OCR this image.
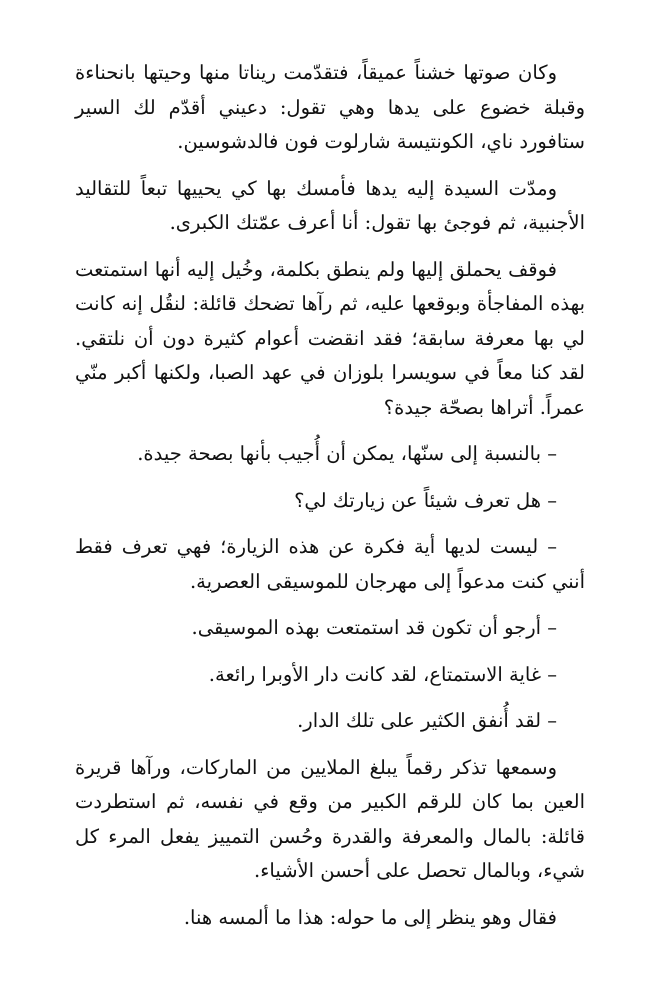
وكان صوتها خشناً عميقاً، فتقدّمت ريناتا منها وحيتها بانحناءة وقبلة خضوع على يدها وهي تقول: دعيني أقدّم لك السير ستافورد ناي، الكونتيسة شارلوت فون فالدشوسين.

ومدّت السيدة إليه يدها فأمسك بها كي يحييها تبعاً للتقاليد الأجنبية، ثم فوجئ بها تقول: أنا أعرف عمّتك الكبرى.

فوقف يحملق إليها ولم ينطق بكلمة، وخُيل إليه أنها استمتعت بهذه المفاجأة وبوقعها عليه، ثم رآها تضحك قائلة: لنقُل إنه كانت لي بها معرفة سابقة؛ فقد انقضت أعوام كثيرة دون أن نلتقي. لقد كنا معاً في سويسرا بلوزان في عهد الصبا، ولكنها أكبر منّي عمراً. أتراها بصحّة جيدة؟

– بالنسبة إلى سنّها، يمكن أن أُجيب بأنها بصحة جيدة.

– هل تعرف شيئاً عن زيارتك لي؟

– ليست لديها أية فكرة عن هذه الزيارة؛ فهي تعرف فقط أنني كنت مدعواً إلى مهرجان للموسيقى العصرية.

– أرجو أن تكون قد استمتعت بهذه الموسيقى.

– غاية الاستمتاع، لقد كانت دار الأوبرا رائعة.

– لقد أُنفق الكثير على تلك الدار.

وسمعها تذكر رقماً يبلغ الملايين من الماركات، ورآها قريرة العين بما كان للرقم الكبير من وقع في نفسه، ثم استطردت قائلة: بالمال والمعرفة والقدرة وحُسن التمييز يفعل المرء كل شيء، وبالمال تحصل على أحسن الأشياء.

فقال وهو ينظر إلى ما حوله: هذا ما ألمسه هنا.
